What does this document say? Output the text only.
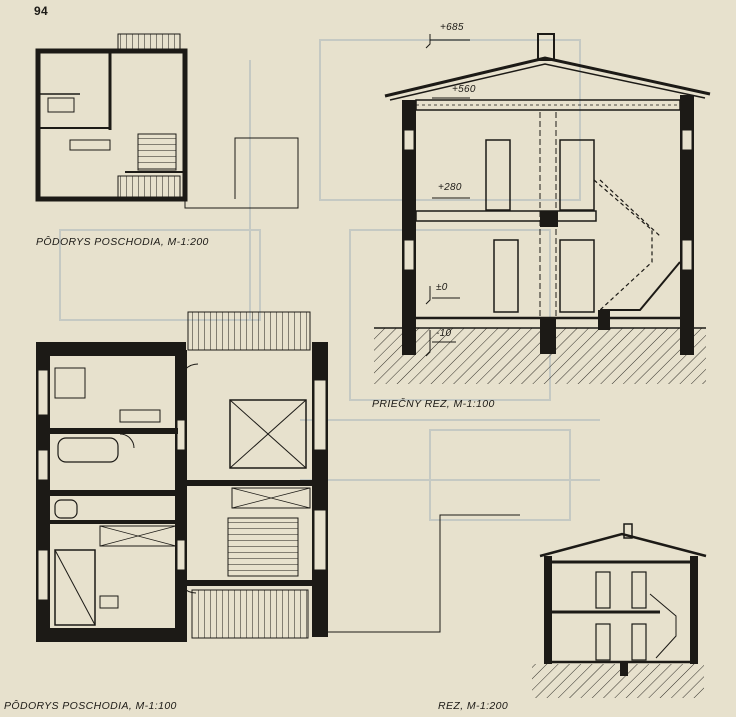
94
+685
+560
+280
±0
-10
PÔDORYS POSCHODIA, M-1:200
PRIEČNY REZ, M-1:100
PÔDORYS POSCHODIA, M-1:100	REZ, M-1:200
